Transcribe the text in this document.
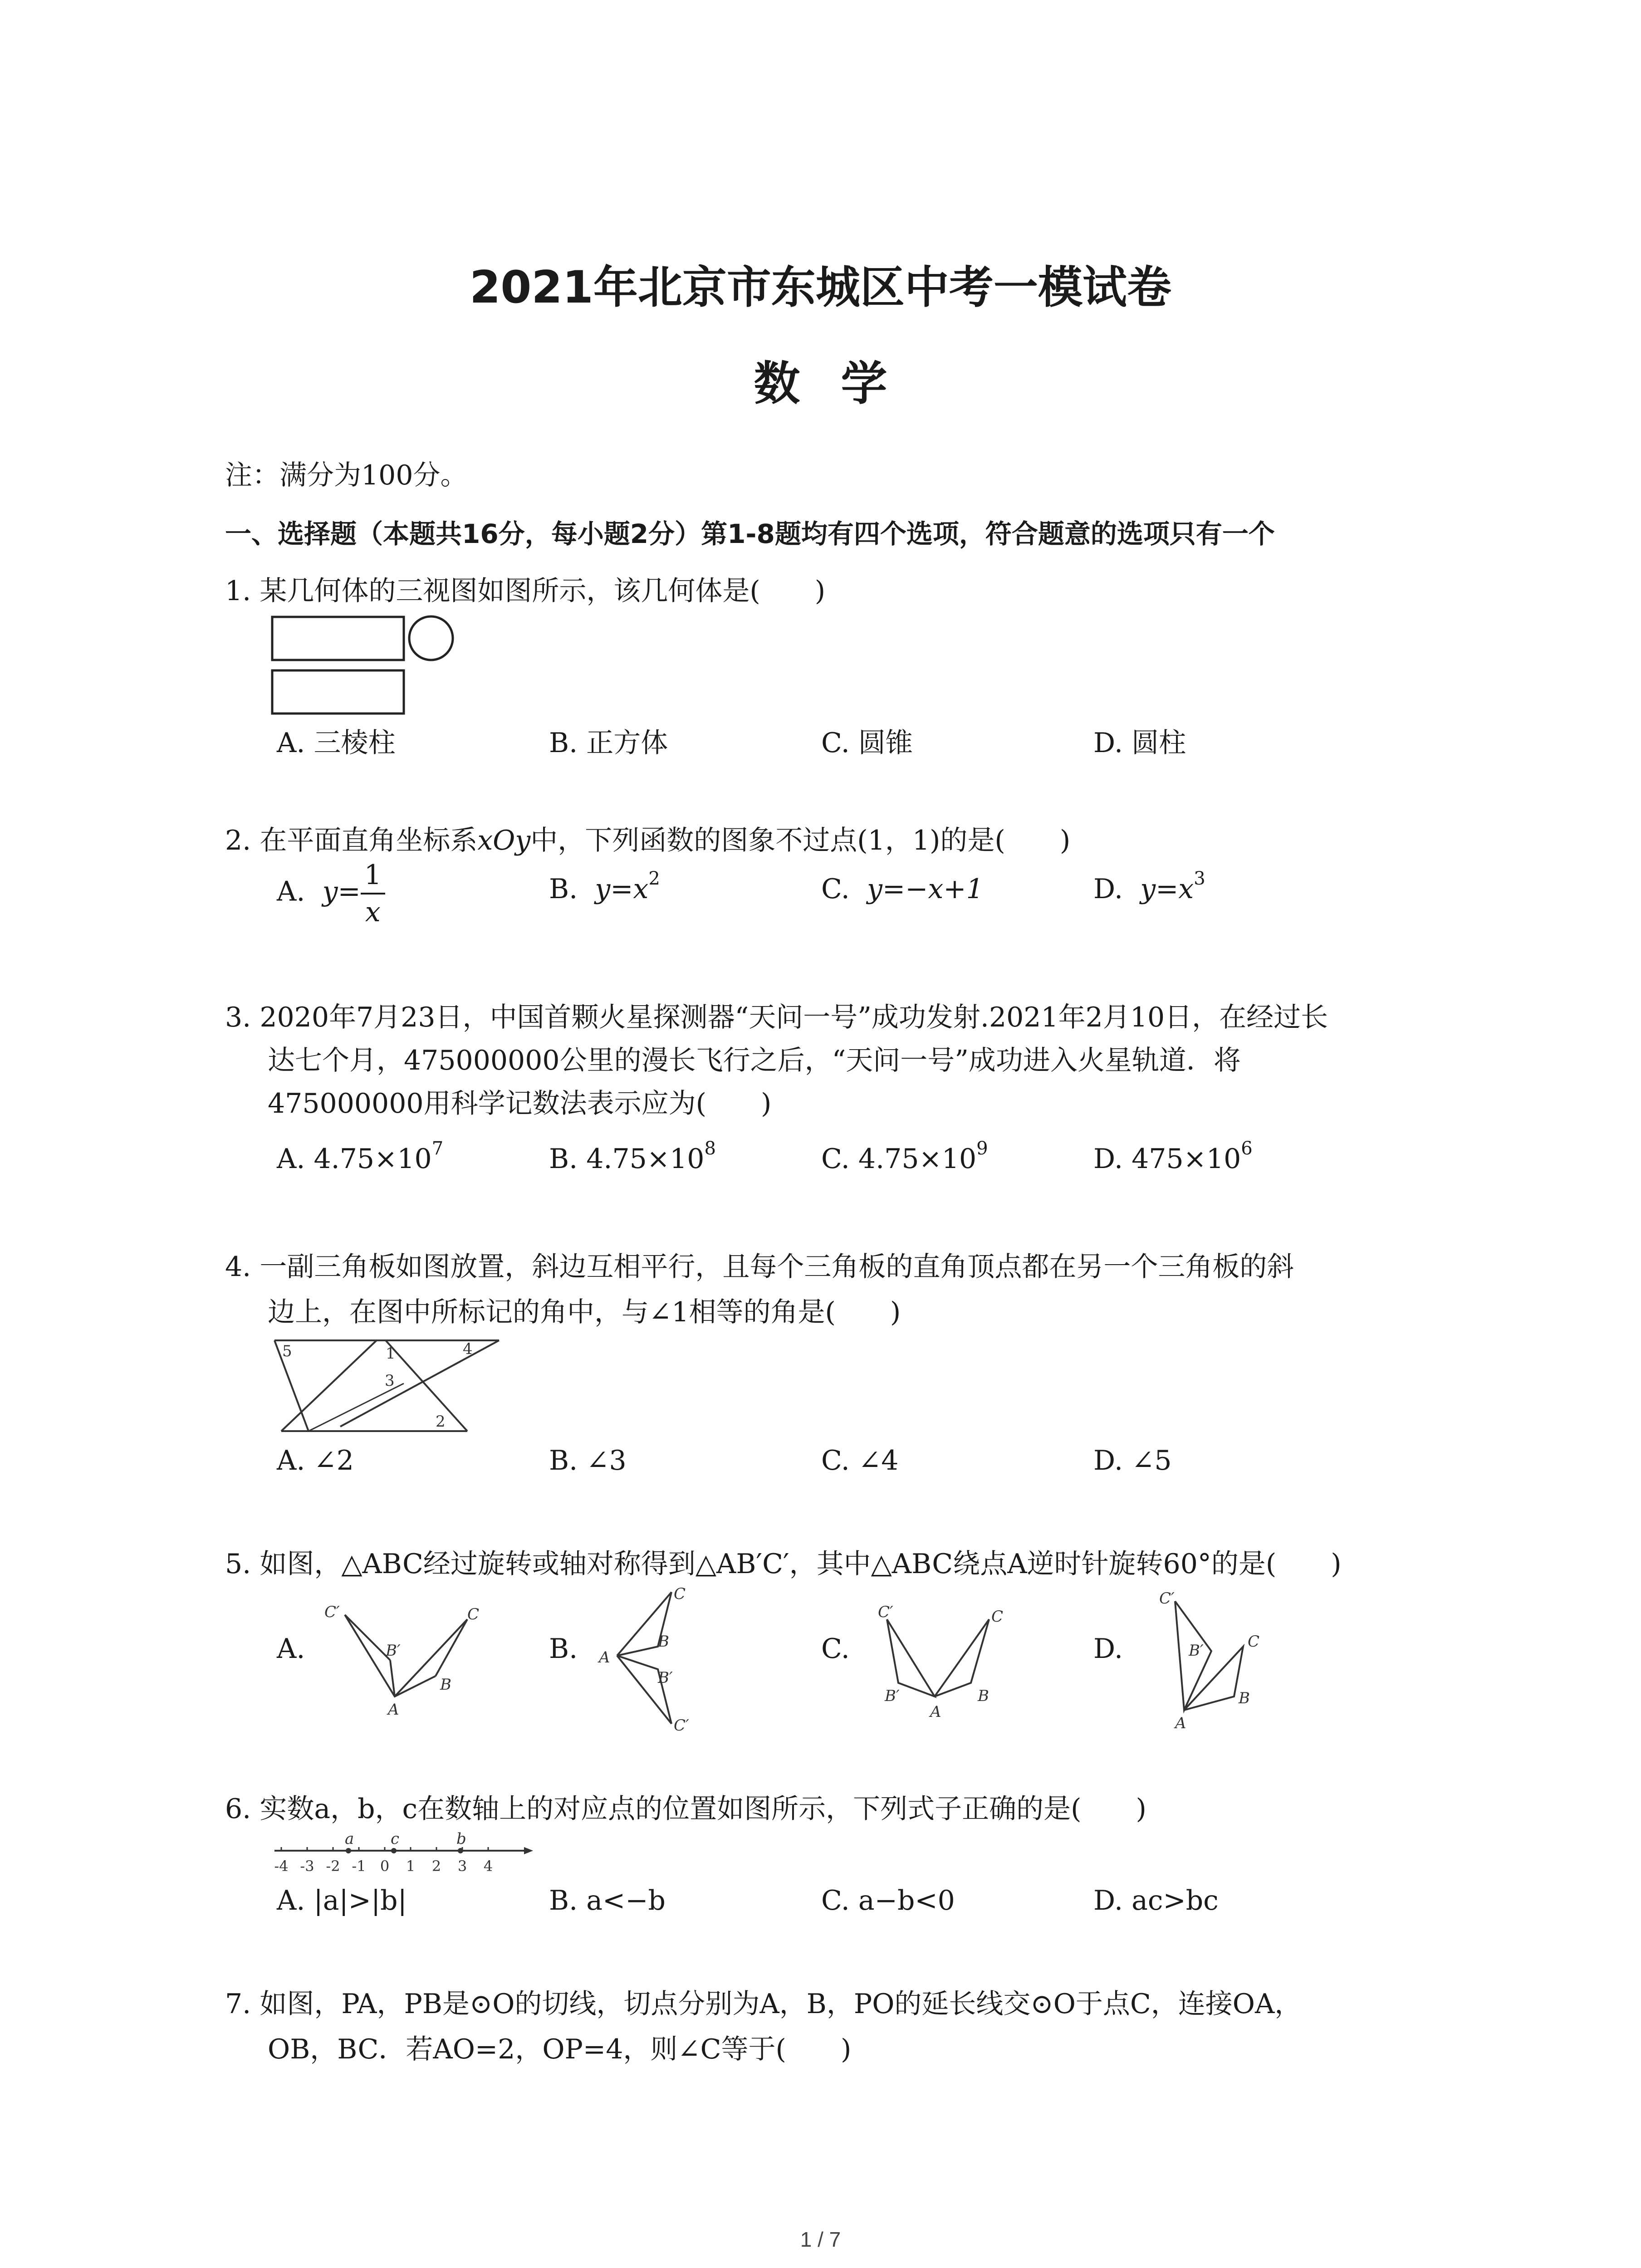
2021年北京市东城区中考一模试卷
数学
注：满分为100分。
一、选择题（本题共16分，每小题2分）第1-8题均有四个选项，符合题意的选项只有一个
1. 某几何体的三视图如图所示，该几何体是(　　)
A. 三棱柱	B. 正方体	C. 圆锥	D. 圆柱
2. 在平面直角坐标系xOy中，下列函数的图象不过点(1，1)的是(　　)
A. $y= \frac{1}{x}$	B. $y=x^2$	C. y=−x+1	D. $y=x^3$
3. 2020年7月23日，中国首颗火星探测器“天问一号”成功发射.2021年2月10日，在经过长
达七个月，475000000公里的漫长飞行之后，“天问一号”成功进入火星轨道．将
475000000用科学记数法表示应为(　　)
A. $4.75\times 10^7$	B. $4.75\times 10^8$	C. $4.75\times 10^9$	D. $475\times 10^6$
4. 一副三角板如图放置，斜边互相平行，且每个三角板的直角顶点都在另一个三角板的斜
边上，在图中所标记的角中，与∠1相等的角是(　　)
5	1	4
3
2
A. ∠2	B. ∠3	C. ∠4	D. ∠5
5. 如图，△ABC经过旋转或轴对称得到△AB′C′，其中△ABC绕点A逆时针旋转60°的是(　　)
A.
C′
B′
A
B
C
B. A
C
B
B′
C′
C.
C′
B′
A
B
C
D.
C′
B′
A
B
C
6. 实数a，b，c在数轴上的对应点的位置如图所示，下列式子正确的是(　　)
-4 -3 -2 -1 0 1 2 3 4
a c	b
A. |a|>|b|	B. a<−b	C. a−b<0	D. ac>bc
7. 如图，PA，PB是⊙O的切线，切点分别为A，B，PO的延长线交⊙O于点C，连接OA，
OB，BC．若AO=2，OP=4，则∠C等于(　　)
1 / 7
